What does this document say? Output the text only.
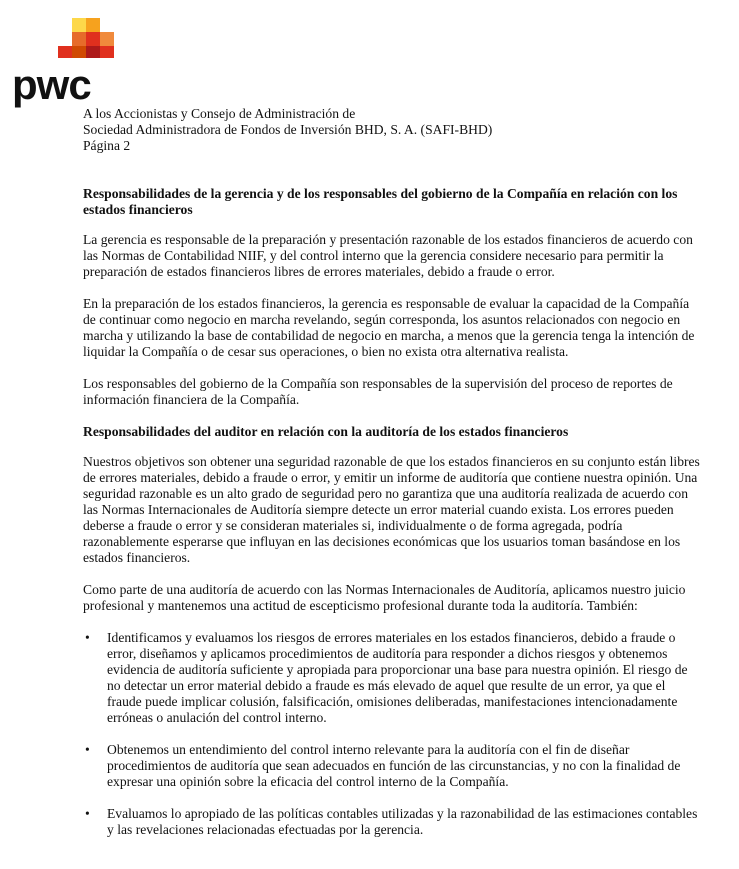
pwc

A los Accionistas y Consejo de Administración de

Sociedad Administradora de Fondos de Inversión BHD, S. A. (SAFI-BHD)

Página 2

Responsabilidades de la gerencia y de los responsables del gobierno de la Compañía en relación con los estados financieros

La gerencia es responsable de la preparación y presentación razonable de los estados financieros de acuerdo con las Normas de Contabilidad NIIF, y del control interno que la gerencia considere necesario para permitir la preparación de estados financieros libres de errores materiales, debido a fraude o error.

En la preparación de los estados financieros, la gerencia es responsable de evaluar la capacidad de la Compañía de continuar como negocio en marcha revelando, según corresponda, los asuntos relacionados con negocio en marcha y utilizando la base de contabilidad de negocio en marcha, a menos que la gerencia tenga la intención de liquidar la Compañía o de cesar sus operaciones, o bien no exista otra alternativa realista.

Los responsables del gobierno de la Compañía son responsables de la supervisión del proceso de reportes de información financiera de la Compañía.

Responsabilidades del auditor en relación con la auditoría de los estados financieros

Nuestros objetivos son obtener una seguridad razonable de que los estados financieros en su conjunto están libres de errores materiales, debido a fraude o error, y emitir un informe de auditoría que contiene nuestra opinión. Una seguridad razonable es un alto grado de seguridad pero no garantiza que una auditoría realizada de acuerdo con las Normas Internacionales de Auditoría siempre detecte un error material cuando exista. Los errores pueden deberse a fraude o error y se consideran materiales si, individualmente o de forma agregada, podría razonablemente esperarse que influyan en las decisiones económicas que los usuarios toman basándose en los estados financieros.

Como parte de una auditoría de acuerdo con las Normas Internacionales de Auditoría, aplicamos nuestro juicio profesional y mantenemos una actitud de escepticismo profesional durante toda la auditoría. También:

• Identificamos y evaluamos los riesgos de errores materiales en los estados financieros, debido a fraude o error, diseñamos y aplicamos procedimientos de auditoría para responder a dichos riesgos y obtenemos evidencia de auditoría suficiente y apropiada para proporcionar una base para nuestra opinión. El riesgo de no detectar un error material debido a fraude es más elevado de aquel que resulte de un error, ya que el fraude puede implicar colusión, falsificación, omisiones deliberadas, manifestaciones intencionadamente erróneas o anulación del control interno.
• Obtenemos un entendimiento del control interno relevante para la auditoría con el fin de diseñar procedimientos de auditoría que sean adecuados en función de las circunstancias, y no con la finalidad de expresar una opinión sobre la eficacia del control interno de la Compañía.
• Evaluamos lo apropiado de las políticas contables utilizadas y la razonabilidad de las estimaciones contables y las revelaciones relacionadas efectuadas por la gerencia.
